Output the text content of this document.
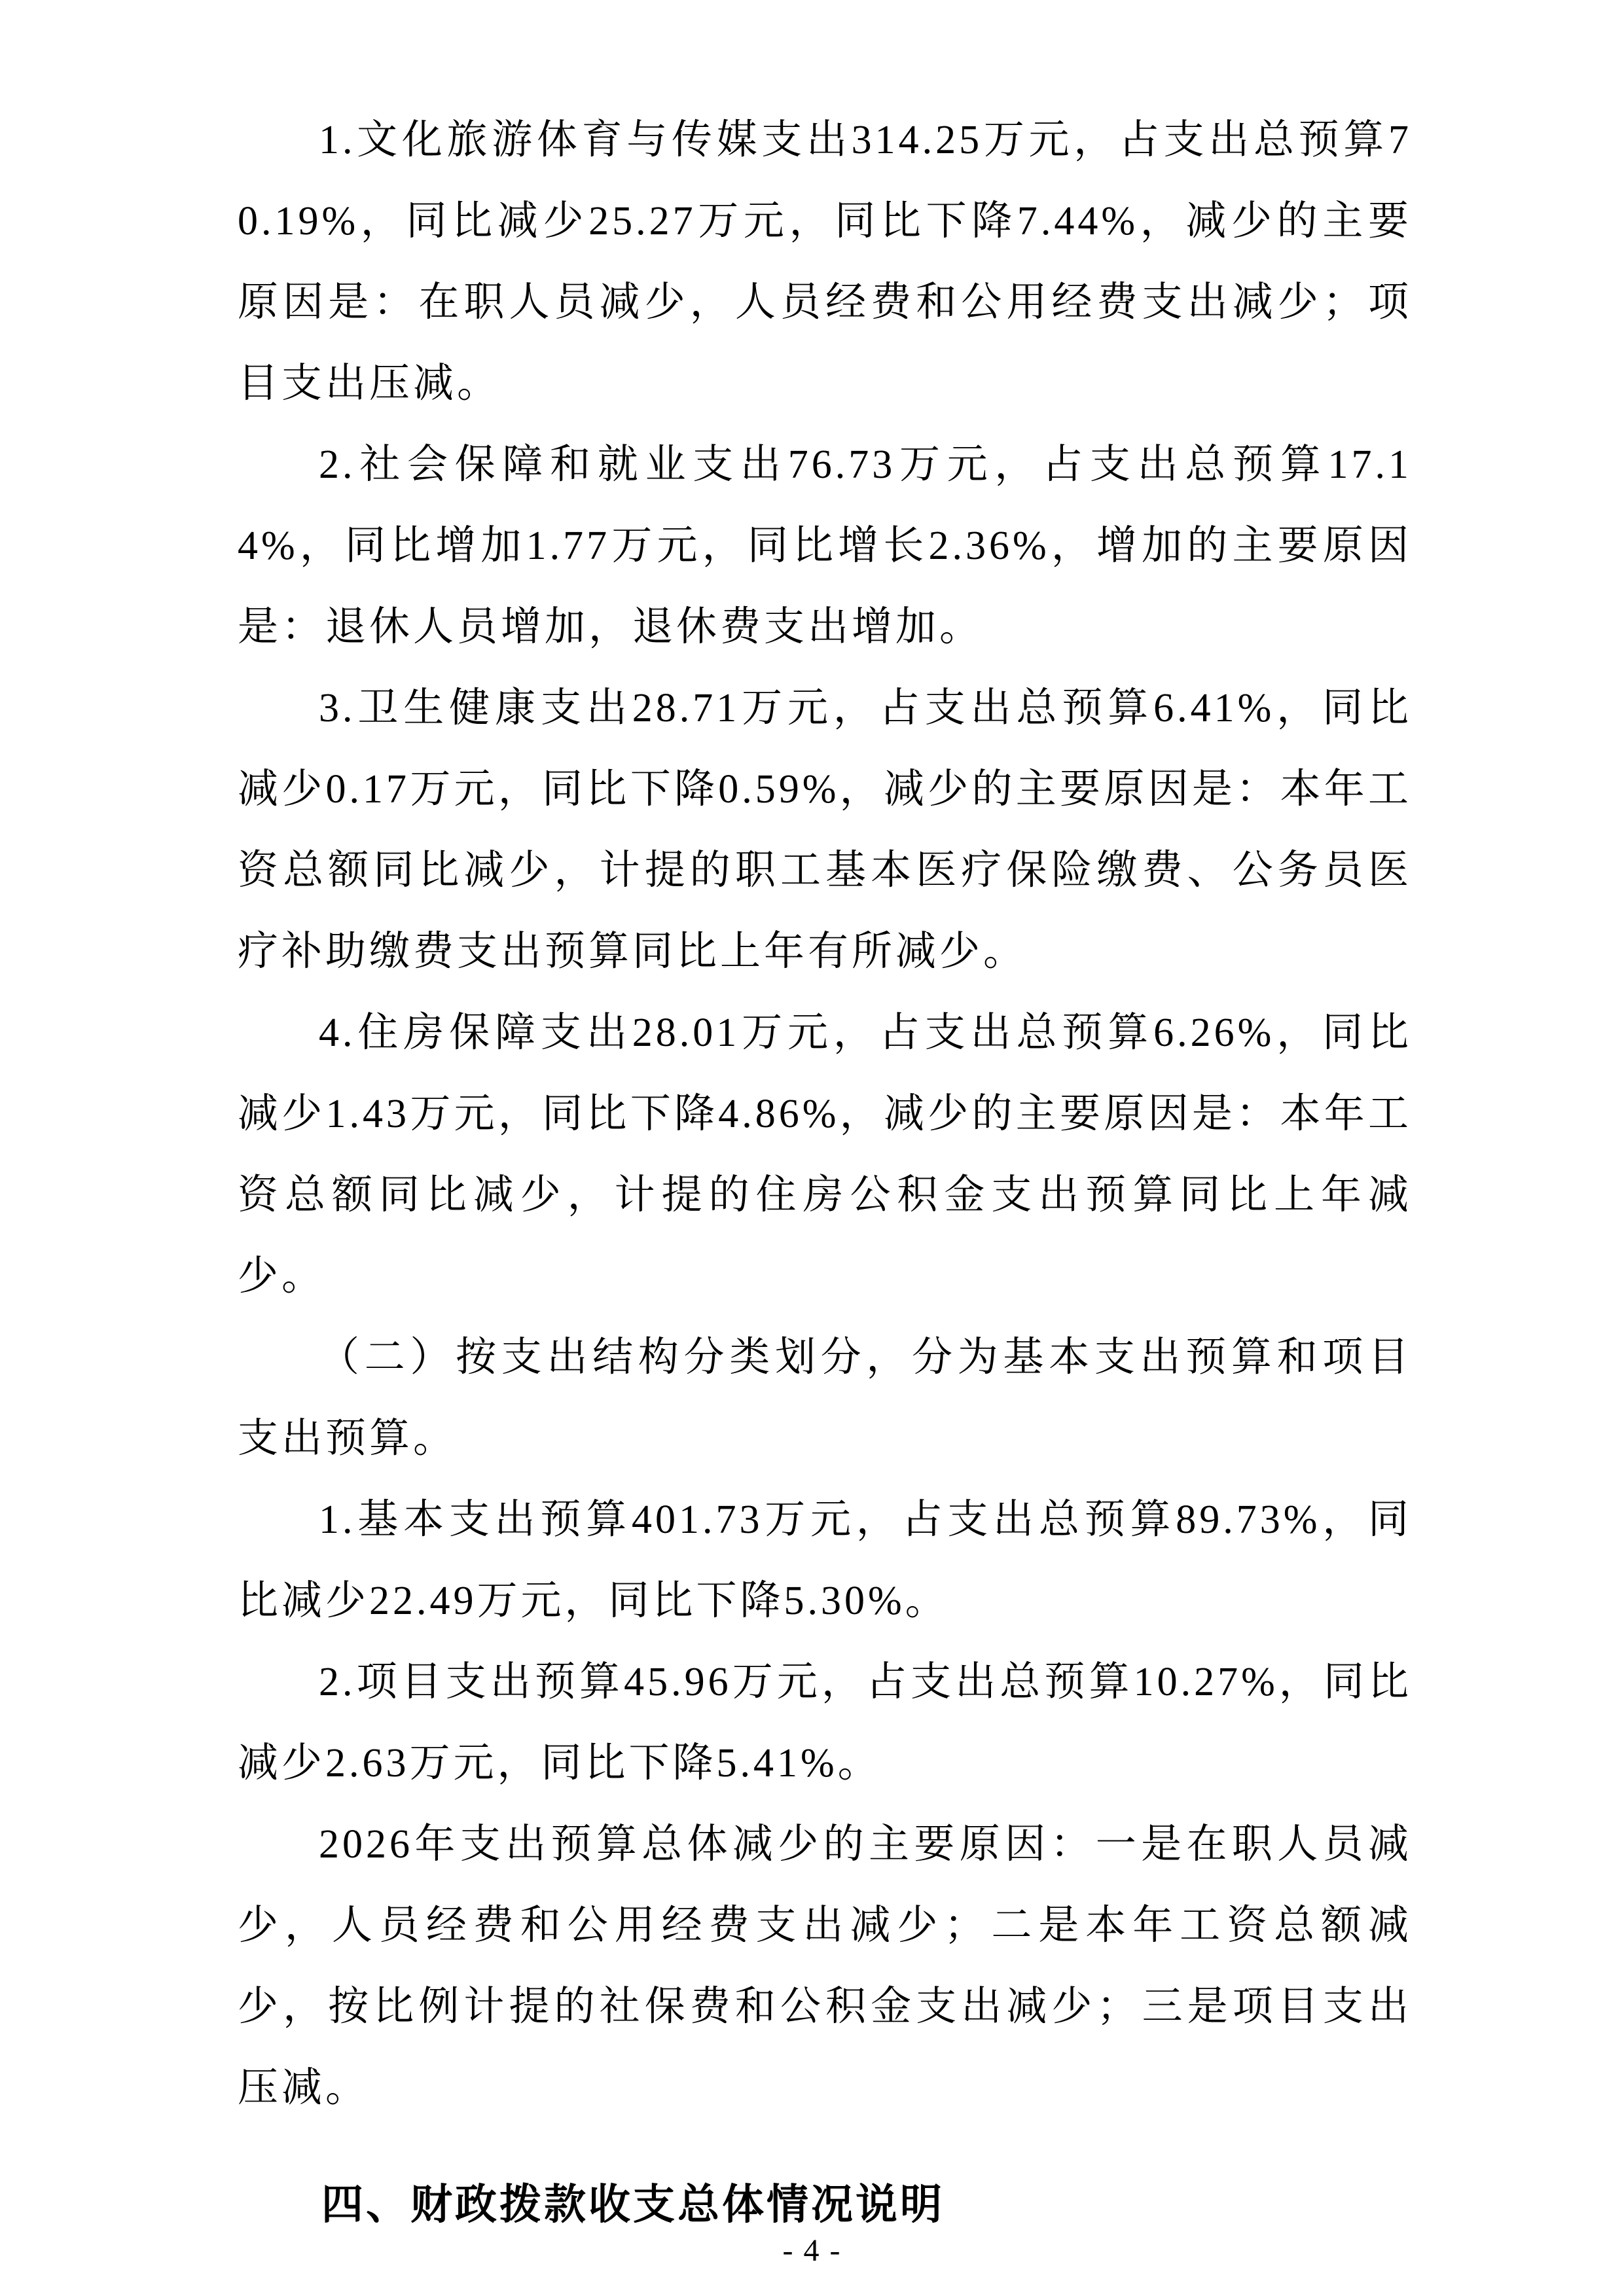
1.文化旅游体育与传媒支出314.25万元，占支出总预算70.19%，同比减少25.27万元，同比下降7.44%，减少的主要原因是：在职人员减少，人员经费和公用经费支出减少；项目支出压减。

2.社会保障和就业支出76.73万元，占支出总预算17.14%，同比增加1.77万元，同比增长2.36%，增加的主要原因是：退休人员增加，退休费支出增加。

3.卫生健康支出28.71万元，占支出总预算6.41%，同比减少0.17万元，同比下降0.59%，减少的主要原因是：本年工资总额同比减少，计提的职工基本医疗保险缴费、公务员医疗补助缴费支出预算同比上年有所减少。

4.住房保障支出28.01万元，占支出总预算6.26%，同比减少1.43万元，同比下降4.86%，减少的主要原因是：本年工资总额同比减少，计提的住房公积金支出预算同比上年减少。

（二）按支出结构分类划分，分为基本支出预算和项目支出预算。

1.基本支出预算401.73万元，占支出总预算89.73%，同比减少22.49万元，同比下降5.30%。

2.项目支出预算45.96万元，占支出总预算10.27%，同比减少2.63万元，同比下降5.41%。

2026年支出预算总体减少的主要原因：一是在职人员减少，人员经费和公用经费支出减少；二是本年工资总额减少，按比例计提的社保费和公积金支出减少；三是项目支出压减。

四、财政拨款收支总体情况说明
- 4 -
